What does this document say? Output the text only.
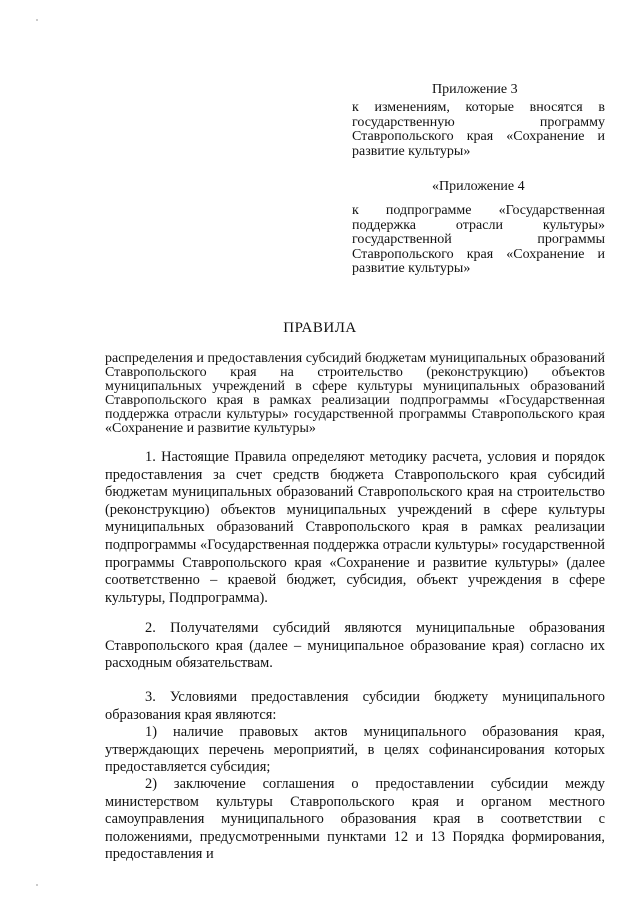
Приложение 3
к изменениям, которые вносятся в государственную программу Ставропольского края «Сохранение и развитие культуры»
«Приложение 4
к подпрограмме «Государственная поддержка отрасли культуры» государственной программы Ставропольского края «Сохранение и развитие культуры»
ПРАВИЛА
распределения и предоставления субсидий бюджетам муниципальных образований Ставропольского края на строительство (реконструкцию) объектов муниципальных учреждений в сфере культуры муниципальных образований Ставропольского края в рамках реализации подпрограммы «Государственная поддержка отрасли культуры» государственной программы Ставропольского края «Сохранение и развитие культуры»

1. Настоящие Правила определяют методику расчета, условия и порядок предоставления за счет средств бюджета Ставропольского края субсидий бюджетам муниципальных образований Ставропольского края на строительство (реконструкцию) объектов муниципальных учреждений в сфере культуры муниципальных образований Ставропольского края в рамках реализации подпрограммы «Государственная поддержка отрасли культуры» государственной программы Ставропольского края «Сохранение и развитие культуры» (далее соответственно – краевой бюджет, субсидия, объект учреждения в сфере культуры, Подпрограмма).

2. Получателями субсидий являются муниципальные образования Ставропольского края (далее – муниципальное образование края) согласно их расходным обязательствам.

3. Условиями предоставления субсидии бюджету муниципального образования края являются:

1) наличие правовых актов муниципального образования края, утверждающих перечень мероприятий, в целях софинансирования которых предоставляется субсидия;

2) заключение соглашения о предоставлении субсидии между министерством культуры Ставропольского края и органом местного самоуправления муниципального образования края в соответствии с положениями, предусмотренными пунктами 12 и 13 Порядка формирования, предоставления и
